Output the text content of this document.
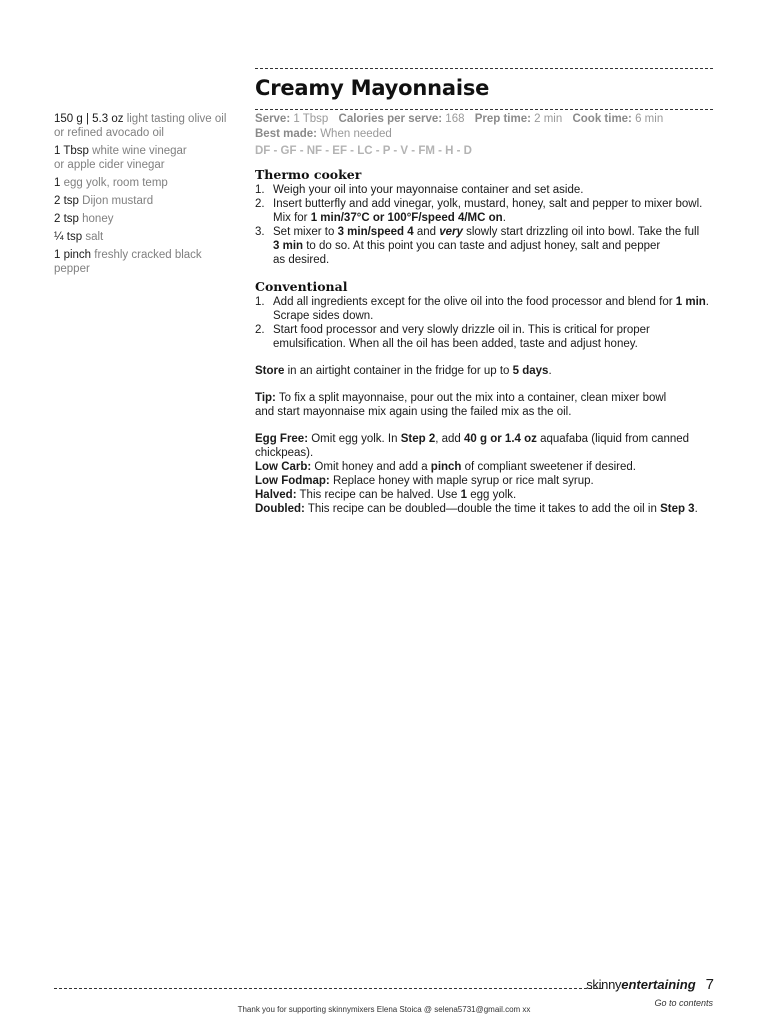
Creamy Mayonnaise
Serve: 1 Tbsp Calories per serve: 168 Prep time: 2 min Cook time: 6 min
Best made: When needed
DF - GF - NF - EF - LC - P - V - FM - H - D
150 g | 5.3 oz light tasting olive oil
or refined avocado oil
1 Tbsp white wine vinegar
or apple cider vinegar
1 egg yolk, room temp
2 tsp Dijon mustard
2 tsp honey
¼ tsp salt
1 pinch freshly cracked black
pepper
Thermo cooker
1. Weigh your oil into your mayonnaise container and set aside.
2. Insert butterfly and add vinegar, yolk, mustard, honey, salt and pepper to mixer bowl.
Mix for 1 min/37°C or 100°F/speed 4/MC on.
3. Set mixer to 3 min/speed 4 and very slowly start drizzling oil into bowl. Take the full
3 min to do so. At this point you can taste and adjust honey, salt and pepper
as desired.
Conventional
1. Add all ingredients except for the olive oil into the food processor and blend for 1 min.
Scrape sides down.
2. Start food processor and very slowly drizzle oil in. This is critical for proper
emulsification. When all the oil has been added, taste and adjust honey.

Store in an airtight container in the fridge for up to 5 days.

Tip: To fix a split mayonnaise, pour out the mix into a container, clean mixer bowl
and start mayonnaise mix again using the failed mix as the oil.

Egg Free: Omit egg yolk. In Step 2, add 40 g or 1.4 oz aquafaba (liquid from canned
chickpeas).

Low Carb: Omit honey and add a pinch of compliant sweetener if desired.

Low Fodmap: Replace honey with maple syrup or rice malt syrup.

Halved: This recipe can be halved. Use 1 egg yolk.

Doubled: This recipe can be doubled—double the time it takes to add the oil in Step 3.

skinny entertaining 7
Go to contents
Thank you for supporting skinnymixers Elena Stoica @ selena5731@gmail.com xx
